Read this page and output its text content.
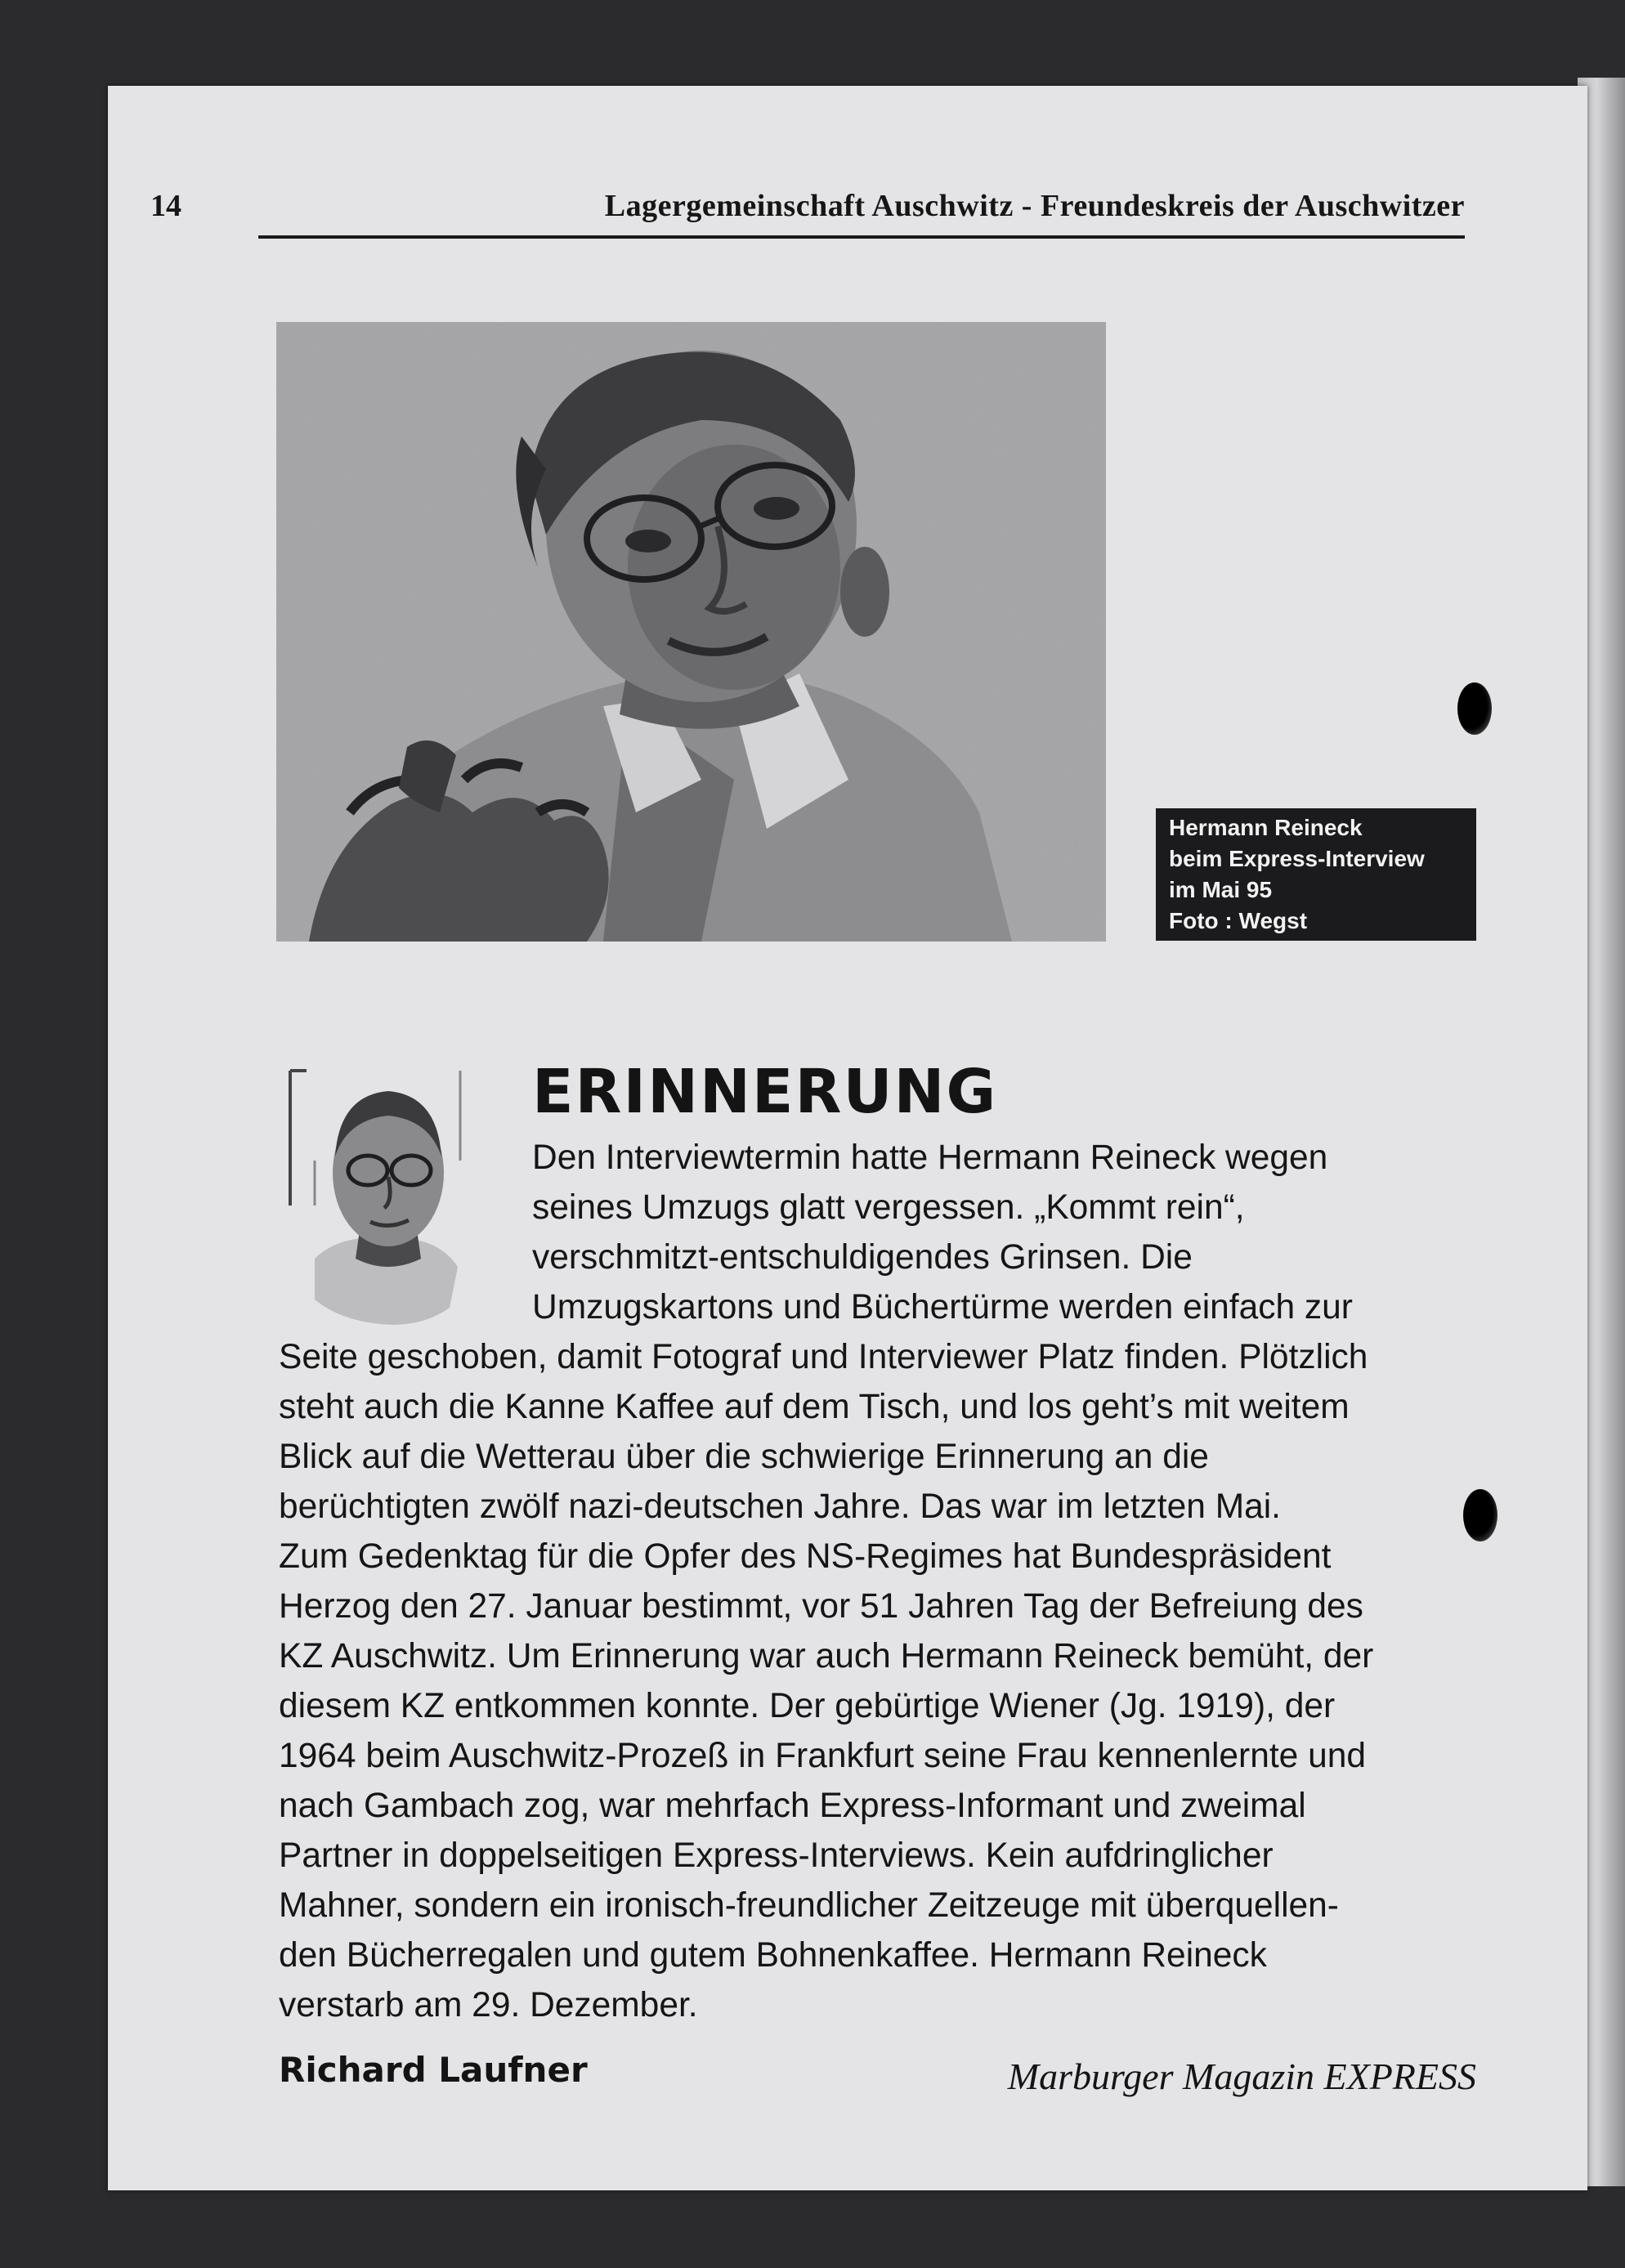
14	Lagergemeinschaft Auschwitz - Freundeskreis der Auschwitzer
Hermann Reineck
beim Express-Interview
im Mai 95
Foto : Wegst
ERINNERUNG
Den Interviewtermin hatte Hermann Reineck wegen
seines Umzugs glatt vergessen. „Kommt rein“,
verschmitzt-entschuldigendes Grinsen. Die
Umzugskartons und Büchertürme werden einfach zur
Seite geschoben, damit Fotograf und Interviewer Platz finden. Plötzlich
steht auch die Kanne Kaffee auf dem Tisch, und los geht’s mit weitem
Blick auf die Wetterau über die schwierige Erinnerung an die
berüchtigten zwölf nazi-deutschen Jahre. Das war im letzten Mai.
Zum Gedenktag für die Opfer des NS-Regimes hat Bundespräsident
Herzog den 27. Januar bestimmt, vor 51 Jahren Tag der Befreiung des
KZ Auschwitz. Um Erinnerung war auch Hermann Reineck bemüht, der
diesem KZ entkommen konnte. Der gebürtige Wiener (Jg. 1919), der
1964 beim Auschwitz-Prozeß in Frankfurt seine Frau kennenlernte und
nach Gambach zog, war mehrfach Express-Informant und zweimal
Partner in doppelseitigen Express-Interviews. Kein aufdringlicher
Mahner, sondern ein ironisch-freundlicher Zeitzeuge mit überquellen-
den Bücherregalen und gutem Bohnenkaffee. Hermann Reineck
verstarb am 29. Dezember.
Richard Laufner	Marburger Magazin EXPRESS
